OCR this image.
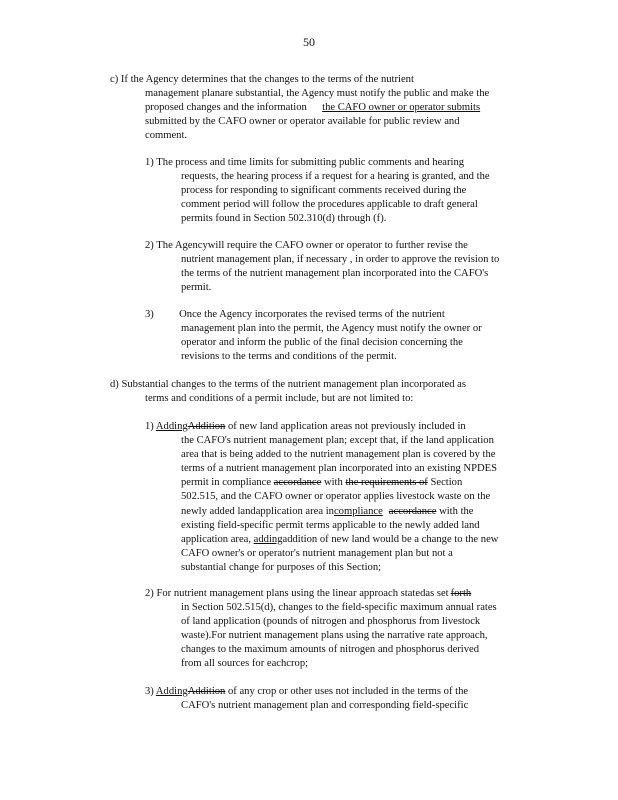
50
c) If the Agency determines that the changes to the terms of the nutrient
management planare substantial, the Agency must notify the public and make the
proposed changes and the information the CAFO owner or operator submits
submitted by the CAFO owner or operator available for public review and
comment.
1) The process and time limits for submitting public comments and hearing
requests, the hearing process if a request for a hearing is granted, and the
process for responding to significant comments received during the
comment period will follow the procedures applicable to draft general
permits found in Section 502.310(d) through (f).
2) The Agencywill require the CAFO owner or operator to further revise the
nutrient management plan, if necessary , in order to approve the revision to
the terms of the nutrient management plan incorporated into the CAFO's
permit.
3) Once the Agency incorporates the revised terms of the nutrient
management plan into the permit, the Agency must notify the owner or
operator and inform the public of the final decision concerning the
revisions to the terms and conditions of the permit.
d) Substantial changes to the terms of the nutrient management plan incorporated as
terms and conditions of a permit include, but are not limited to:
1) AddingAddition of new land application areas not previously included in
the CAFO's nutrient management plan; except that, if the land application
area that is being added to the nutrient management plan is covered by the
terms of a nutrient management plan incorporated into an existing NPDES
permit in compliance accordance with the requirements of Section
502.515, and the CAFO owner or operator applies livestock waste on the
newly added landapplication area incompliance accordance with the
existing field-specific permit terms applicable to the newly added land
application area, addingaddition of new land would be a change to the new
CAFO owner's or operator's nutrient management plan but not a
substantial change for purposes of this Section;
2) For nutrient management plans using the linear approach statedas set forth
in Section 502.515(d), changes to the field-specific maximum annual rates
of land application (pounds of nitrogen and phosphorus from livestock
waste).For nutrient management plans using the narrative rate approach,
changes to the maximum amounts of nitrogen and phosphorus derived
from all sources for eachcrop;
3) AddingAddition of any crop or other uses not included in the terms of the
CAFO's nutrient management plan and corresponding field-specific
